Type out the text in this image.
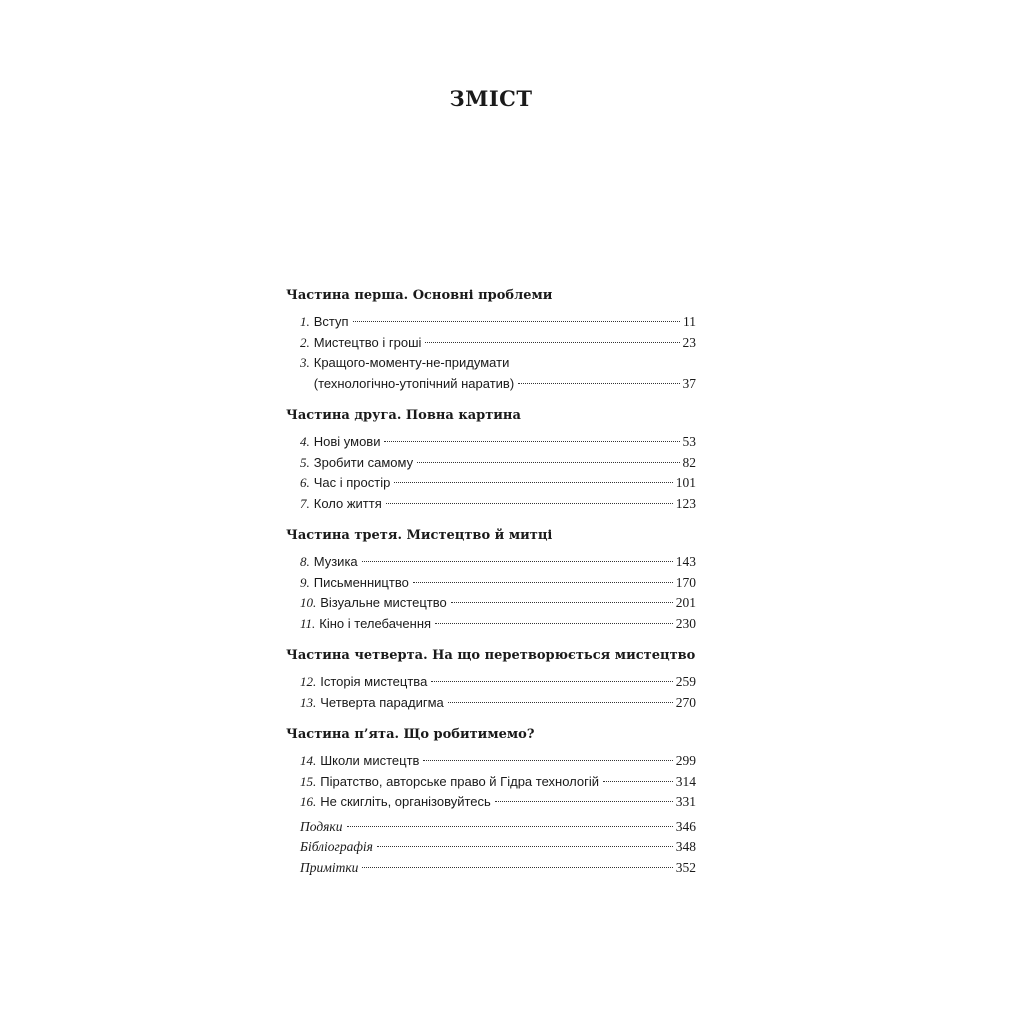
ЗМІСТ
Частина перша. Основні проблеми
1. Вступ	11
2. Мистецтво і гроші	23
3. Кращого-моменту-не-придумати
(технологічно-утопічний наратив)	37
Частина друга. Повна картина
4. Нові умови	53
5. Зробити самому	82
6. Час і простір	101
7. Коло життя	123
Частина третя. Мистецтво й митці
8. Музика	143
9. Письменництво	170
10. Візуальне мистецтво	201
11. Кіно і телебачення	230
Частина четверта. На що перетворюється мистецтво
12. Історія мистецтва	259
13. Четверта парадигма	270
Частина п’ята. Що робитимемо?
14. Школи мистецтв	299
15. Піратство, авторське право й Гідра технологій	314
16. Не скигліть, організовуйтесь	331
Подяки	346
Бібліографія	348
Примітки	352
